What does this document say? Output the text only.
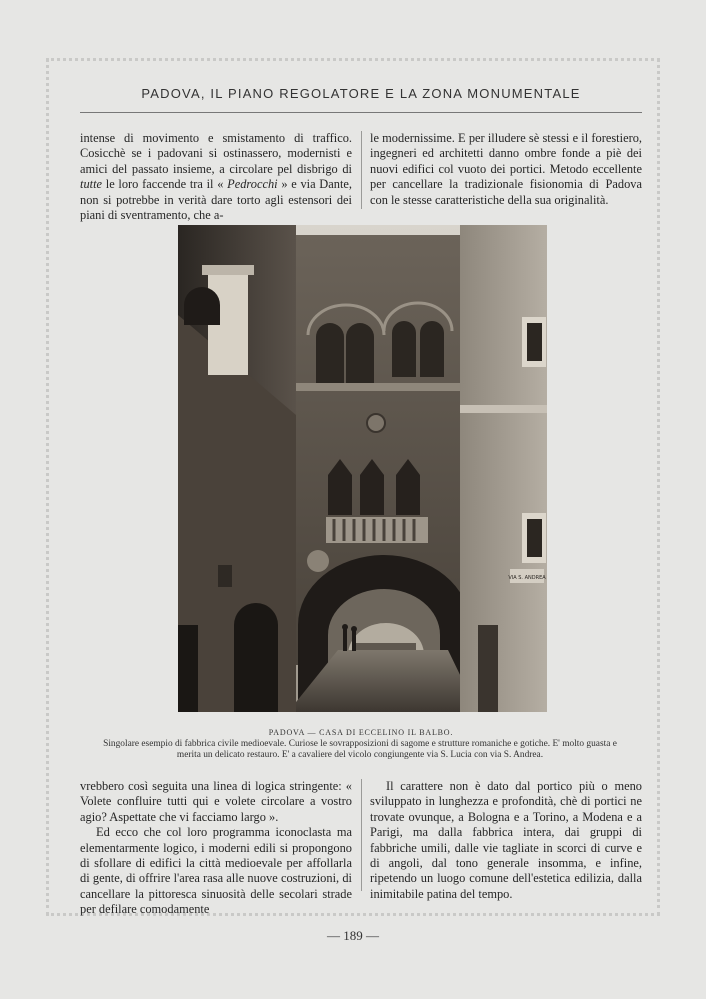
PADOVA, IL PIANO REGOLATORE E LA ZONA MONUMENTALE

intense di movimento e smistamento di traffico. Cosicchè se i padovani si ostinassero, modernisti e amici del passato insieme, a circolare pel disbrigo di tutte le loro faccende tra il « Pedrocchi » e via Dante, non si potrebbe in verità dare torto agli estensori dei piani di sventramento, che a-

le modernissime. E per illudere sè stessi e il forestiero, ingegneri ed architetti danno ombre fonde a piè dei nuovi edifici col vuoto dei portici. Metodo eccellente per cancellare la tradizionale fisionomia di Padova con le stesse caratteristiche della sua originalità.

VIA S. ANDREA
PADOVA — CASA DI ECCELINO IL BALBO.
Singolare esempio di fabbrica civile medioevale. Curiose le sovrapposizioni di sagome e strutture romaniche e gotiche. E' molto guasta e merita un delicato restauro. E' a cavaliere del vicolo congiungente via S. Lucia con via S. Andrea.

vrebbero così seguita una linea di logica stringente: « Volete confluire tutti qui e volete circolare a vostro agio? Aspettate che vi facciamo largo ».

Ed ecco che col loro programma iconoclasta ma elementarmente logico, i moderni edili si propongono di sfollare di edifici la città medioevale per affollarla di gente, di offrire l'area rasa alle nuove costruzioni, di cancellare la pittoresca sinuosità delle secolari strade per defilare comodamente

Il carattere non è dato dal portico più o meno sviluppato in lunghezza e profondità, chè di portici ne trovate ovunque, a Bologna e a Torino, a Modena e a Parigi, ma dalla fabbrica intera, dai gruppi di fabbriche umili, dalle vie tagliate in scorci di curve e di angoli, dal tono generale insomma, e infine, ripetendo un luogo comune dell'estetica edilizia, dalla inimitabile patina del tempo.

— 189 —
